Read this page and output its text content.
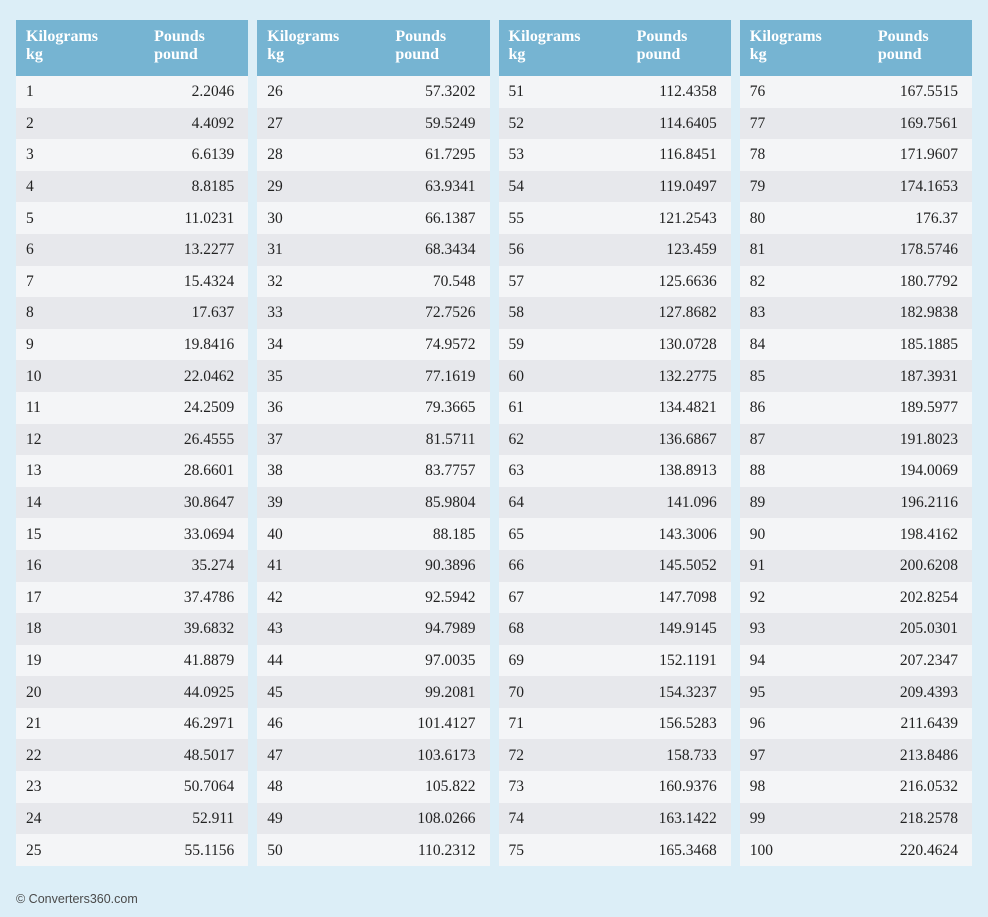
Kilograms
kg	Pounds
pound

1	2.2046
2	4.4092
3	6.6139
4	8.8185
5	11.0231
6	13.2277
7	15.4324
8	17.637
9	19.8416
10	22.0462
11	24.2509
12	26.4555
13	28.6601
14	30.8647
15	33.0694
16	35.274
17	37.4786
18	39.6832
19	41.8879
20	44.0925
21	46.2971
22	48.5017
23	50.7064
24	52.911
25	55.1156
Kilograms
kg	Pounds
pound

26	57.3202
27	59.5249
28	61.7295
29	63.9341
30	66.1387
31	68.3434
32	70.548
33	72.7526
34	74.9572
35	77.1619
36	79.3665
37	81.5711
38	83.7757
39	85.9804
40	88.185
41	90.3896
42	92.5942
43	94.7989
44	97.0035
45	99.2081
46	101.4127
47	103.6173
48	105.822
49	108.0266
50	110.2312
Kilograms
kg	Pounds
pound

51	112.4358
52	114.6405
53	116.8451
54	119.0497
55	121.2543
56	123.459
57	125.6636
58	127.8682
59	130.0728
60	132.2775
61	134.4821
62	136.6867
63	138.8913
64	141.096
65	143.3006
66	145.5052
67	147.7098
68	149.9145
69	152.1191
70	154.3237
71	156.5283
72	158.733
73	160.9376
74	163.1422
75	165.3468
Kilograms
kg	Pounds
pound

76	167.5515
77	169.7561
78	171.9607
79	174.1653
80	176.37
81	178.5746
82	180.7792
83	182.9838
84	185.1885
85	187.3931
86	189.5977
87	191.8023
88	194.0069
89	196.2116
90	198.4162
91	200.6208
92	202.8254
93	205.0301
94	207.2347
95	209.4393
96	211.6439
97	213.8486
98	216.0532
99	218.2578
100	220.4624
© Converters360.com
